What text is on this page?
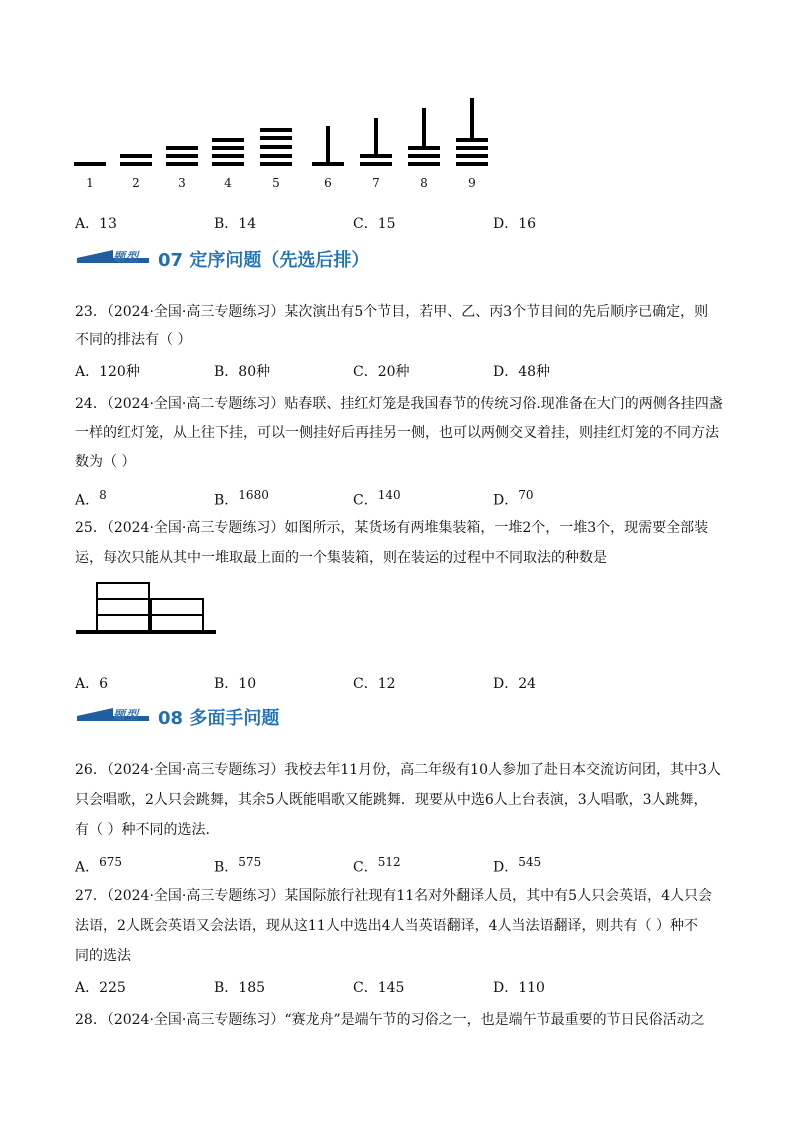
1	2	3	4	5	6	7	8	9
A．13	B．14	C．15	D．16
题型 07 定序问题（先选后排）
23．（2024·全国·高三专题练习）某次演出有5个节目，若甲、乙、丙3个节目间的先后顺序已确定，则
不同的排法有（ ）
A．120种	B．80种	C．20种	D．48种
24．（2024·全国·高二专题练习）贴春联、挂红灯笼是我国春节的传统习俗.现准备在大门的两侧各挂四盏
一样的红灯笼，从上往下挂，可以一侧挂好后再挂另一侧，也可以两侧交叉着挂，则挂红灯笼的不同方法
数为（ ）
A．$^8$	B．$^{1680}$	C．$^{140}$	D．$^{70}$
25．（2024·全国·高三专题练习）如图所示，某货场有两堆集装箱，一堆2个，一堆3个，现需要全部装
运，每次只能从其中一堆取最上面的一个集装箱，则在装运的过程中不同取法的种数是
A．6	B．10	C．12	D．24
题型 08 多面手问题
26．（2024·全国·高三专题练习）我校去年11月份，高二年级有10人参加了赴日本交流访问团，其中3人
只会唱歌，2人只会跳舞，其余5人既能唱歌又能跳舞．现要从中选6人上台表演，3人唱歌，3人跳舞，
有（ ）种不同的选法.
A．$^{675}$	B．$^{575}$	C．$^{512}$	D．$^{545}$
27．（2024·全国·高三专题练习）某国际旅行社现有11名对外翻译人员，其中有5人只会英语，4人只会
法语，2人既会英语又会法语，现从这11人中选出4人当英语翻译，4人当法语翻译，则共有（ ）种不
同的选法
A．225	B．185	C．145	D．110
28．（2024·全国·高三专题练习）“赛龙舟”是端午节的习俗之一，也是端午节最重要的节日民俗活动之
